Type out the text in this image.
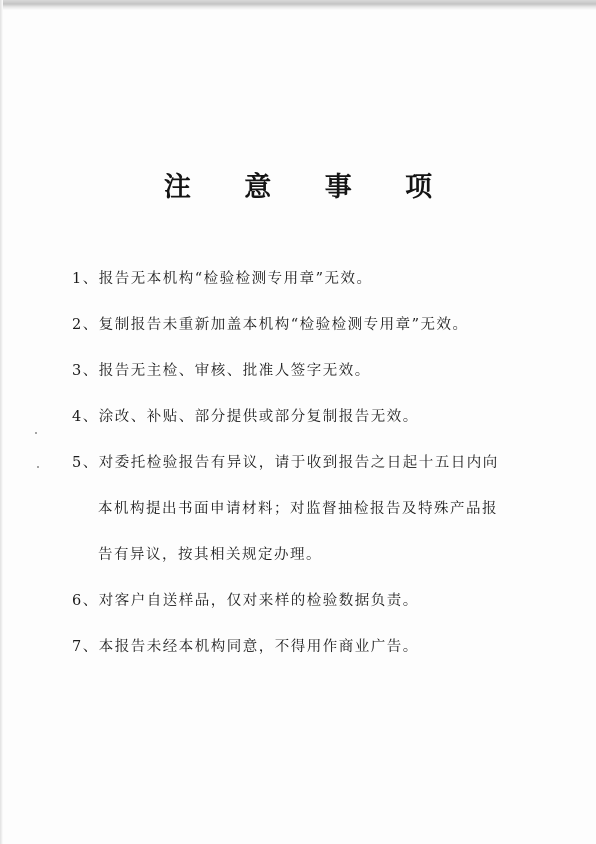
注 意 事 项
1、 报告无本机构“检验检测专用章”无效。
2、 复制报告未重新加盖本机构“检验检测专用章”无效。
3、 报告无主检、审核、批准人签字无效。
4、 涂改、补贴、部分提供或部分复制报告无效。
5、 对委托检验报告有异议，请于收到报告之日起十五日内向
本机构提出书面申请材料；对监督抽检报告及特殊产品报
告有异议，按其相关规定办理。
6、 对客户自送样品，仅对来样的检验数据负责。
7、 本报告未经本机构同意，不得用作商业广告。
